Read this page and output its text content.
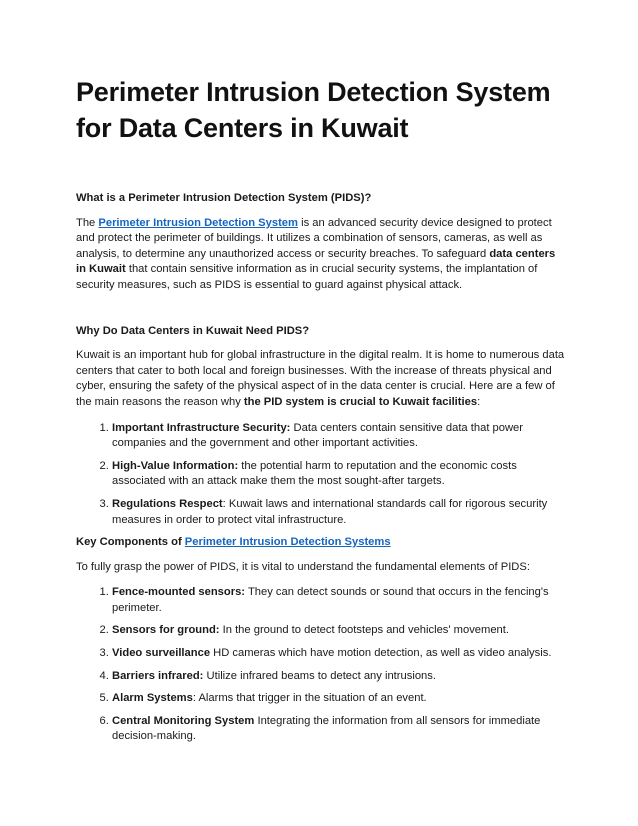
Perimeter Intrusion Detection System for Data Centers in Kuwait
What is a Perimeter Intrusion Detection System (PIDS)?

The Perimeter Intrusion Detection System is an advanced security device designed to protect and protect the perimeter of buildings. It utilizes a combination of sensors, cameras, as well as analysis, to determine any unauthorized access or security breaches. To safeguard data centers in Kuwait that contain sensitive information as in crucial security systems, the implantation of security measures, such as PIDS is essential to guard against physical attack.

Why Do Data Centers in Kuwait Need PIDS?

Kuwait is an important hub for global infrastructure in the digital realm. It is home to numerous data centers that cater to both local and foreign businesses. With the increase of threats physical and cyber, ensuring the safety of the physical aspect of in the data center is crucial. Here are a few of the main reasons the reason why the PID system is crucial to Kuwait facilities:

1. Important Infrastructure Security: Data centers contain sensitive data that power companies and the government and other important activities.
2. High-Value Information: the potential harm to reputation and the economic costs associated with an attack make them the most sought-after targets.
3. Regulations Respect: Kuwait laws and international standards call for rigorous security measures in order to protect vital infrastructure.
Key Components of Perimeter Intrusion Detection Systems

To fully grasp the power of PIDS, it is vital to understand the fundamental elements of PIDS:

1. Fence-mounted sensors: They can detect sounds or sound that occurs in the fencing's perimeter.
2. Sensors for ground: In the ground to detect footsteps and vehicles' movement.
3. Video surveillance HD cameras which have motion detection, as well as video analysis.
4. Barriers infrared: Utilize infrared beams to detect any intrusions.
5. Alarm Systems: Alarms that trigger in the situation of an event.
6. Central Monitoring System Integrating the information from all sensors for immediate decision-making.
